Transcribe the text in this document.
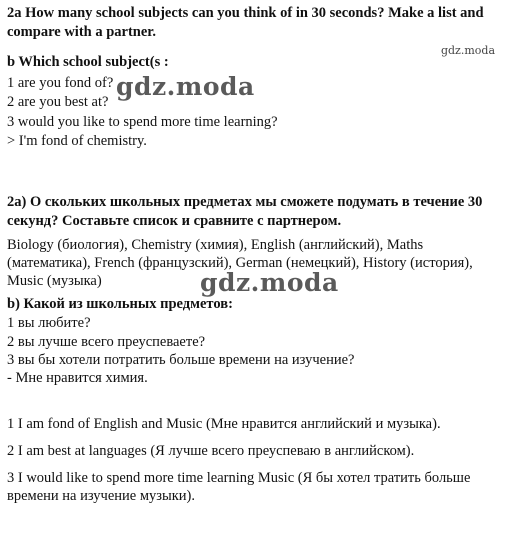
gdz.moda

2a How many school subjects can you think of in 30 seconds? Make a list and

compare with a partner.

b Which school subject(s :

1 are you fond of?

2 are you best at?

3 would you like to spend more time learning?

> I'm fond of chemistry.

gdz.moda

2a) О скольких школьных предметах мы сможете подумать в течение 30

секунд? Составьте список и сравните с партнером.

Biology (биология), Chemistry (химия), English (английский), Maths

(математика), French (французский), German (немецкий), History (история),

Music (музыка)	gdz.moda

b) Какой из школьных предметов:

1 вы любите?

2 вы лучше всего преуспеваете?

3 вы бы хотели потратить больше времени на изучение?

- Мне нравится химия.

1 I am fond of English and Music (Мне нравится английский и музыка).

2 I am best at languages (Я лучше всего преуспеваю в английском).

3 I would like to spend more time learning Music (Я бы хотел тратить больше

времени на изучение музыки).
